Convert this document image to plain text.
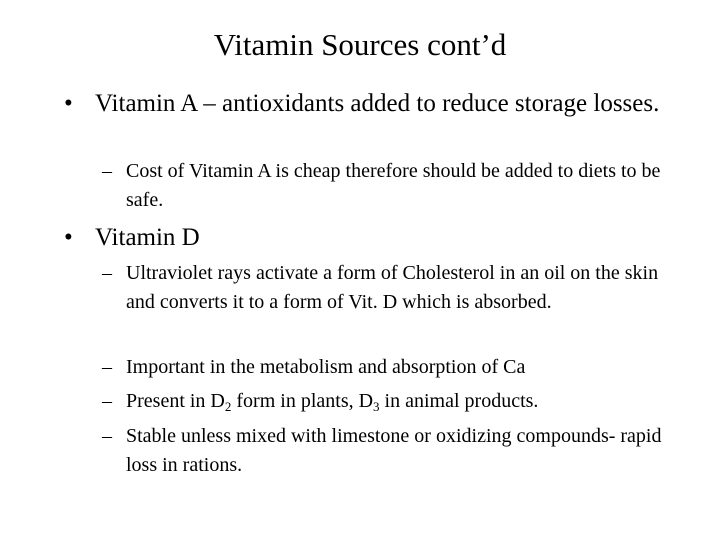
Vitamin Sources cont’d
• Vitamin A – antioxidants added to reduce storage losses.
– Cost of Vitamin A is cheap therefore should be added to diets to be safe.
• Vitamin D
– Ultraviolet rays activate a form of Cholesterol in an oil on the skin and converts it to a form of Vit. D which is absorbed.
– Important in the metabolism and absorption of Ca
– Present in $D_2$ form in plants, $D_3$ in animal products.
– Stable unless mixed with limestone or oxidizing compounds- rapid loss in rations.
